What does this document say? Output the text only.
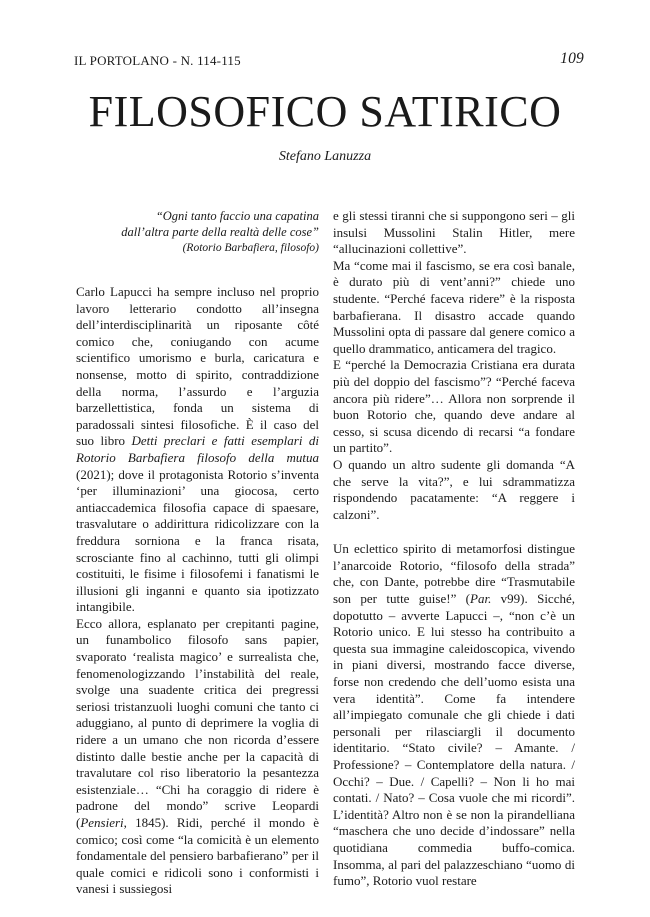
IL PORTOLANO - N. 114-115	109
FILOSOFICO SATIRICO
Stefano Lanuzza
“Ogni tanto faccio una capatina dall’altra parte della realtà delle cose”
(Rotorio Barbafiera, filosofo)

Carlo Lapucci ha sempre incluso nel proprio lavoro letterario condotto all’insegna dell’interdisciplinarità un riposante côté comico che, coniugando con acume scientifico umorismo e burla, caricatura e nonsense, motto di spirito, contraddizione della norma, l’assurdo e l’arguzia barzellettistica, fonda un sistema di paradossali sintesi filosofiche. È il caso del suo libro Detti preclari e fatti esemplari di Rotorio Barbafiera filosofo della mutua (2021); dove il protagonista Rotorio s’inventa ‘per illuminazioni’ una giocosa, certo antiaccademica filosofia capace di spaesare, trasvalutare o addirittura ridicolizzare con la freddura sorniona e la franca risata, scrosciante fino al cachinno, tutti gli olimpi costituiti, le fisime i filosofemi i fanatismi le illusioni gli inganni e quanto sia ipotizzato intangibile.

Ecco allora, esplanato per crepitanti pagine, un funambolico filosofo sans papier, svaporato ‘realista magico’ e surrealista che, fenomenologizzando l’instabilità del reale, svolge una suadente critica dei pregressi seriosi tristanzuoli luoghi comuni che tanto ci aduggiano, al punto di deprimere la voglia di ridere a un umano che non ricorda d’essere distinto dalle bestie anche per la capacità di travalutare col riso liberatorio la pesantezza esistenziale… “Chi ha coraggio di ridere è padrone del mondo” scrive Leopardi (Pensieri, 1845). Ridi, perché il mondo è comico; così come “la comicità è un elemento fondamentale del pensiero barbafierano” per il quale comici e ridicoli sono i conformisti i vanesi i sussiegosi

e gli stessi tiranni che si suppongono seri – gli insulsi Mussolini Stalin Hitler, mere “allucinazioni collettive”.

Ma “come mai il fascismo, se era così banale, è durato più di vent’anni?” chiede uno studente. “Perché faceva ridere” è la risposta barbafierana. Il disastro accade quando Mussolini opta di passare dal genere comico a quello drammatico, anticamera del tragico.

E “perché la Democrazia Cristiana era durata più del doppio del fascismo”? “Perché faceva ancora più ridere”… Allora non sorprende il buon Rotorio che, quando deve andare al cesso, si scusa dicendo di recarsi “a fondare un partito”.

O quando un altro sudente gli domanda “A che serve la vita?”, e lui sdrammatizza rispondendo pacatamente: “A reggere i calzoni”.

Un eclettico spirito di metamorfosi distingue l’anarcoide Rotorio, “filosofo della strada” che, con Dante, potrebbe dire “Trasmutabile son per tutte guise!” (Par. v99). Sicché, dopotutto – avverte Lapucci –, “non c’è un Rotorio unico. E lui stesso ha contribuito a questa sua immagine caleidoscopica, vivendo in piani diversi, mostrando facce diverse, forse non credendo che dell’uomo esista una vera identità”. Come fa intendere all’impiegato comunale che gli chiede i dati personali per rilasciargli il documento identitario. “Stato civile? – Amante. / Professione? – Contemplatore della natura. / Occhi? – Due. / Capelli? – Non li ho mai contati. / Nato? – Cosa vuole che mi ricordi”. L’identità? Altro non è se non la pirandelliana “maschera che uno decide d’indossare” nella quotidiana commedia buffo-comica. Insomma, al pari del palazzeschiano “uomo di fumo”, Rotorio vuol restare
